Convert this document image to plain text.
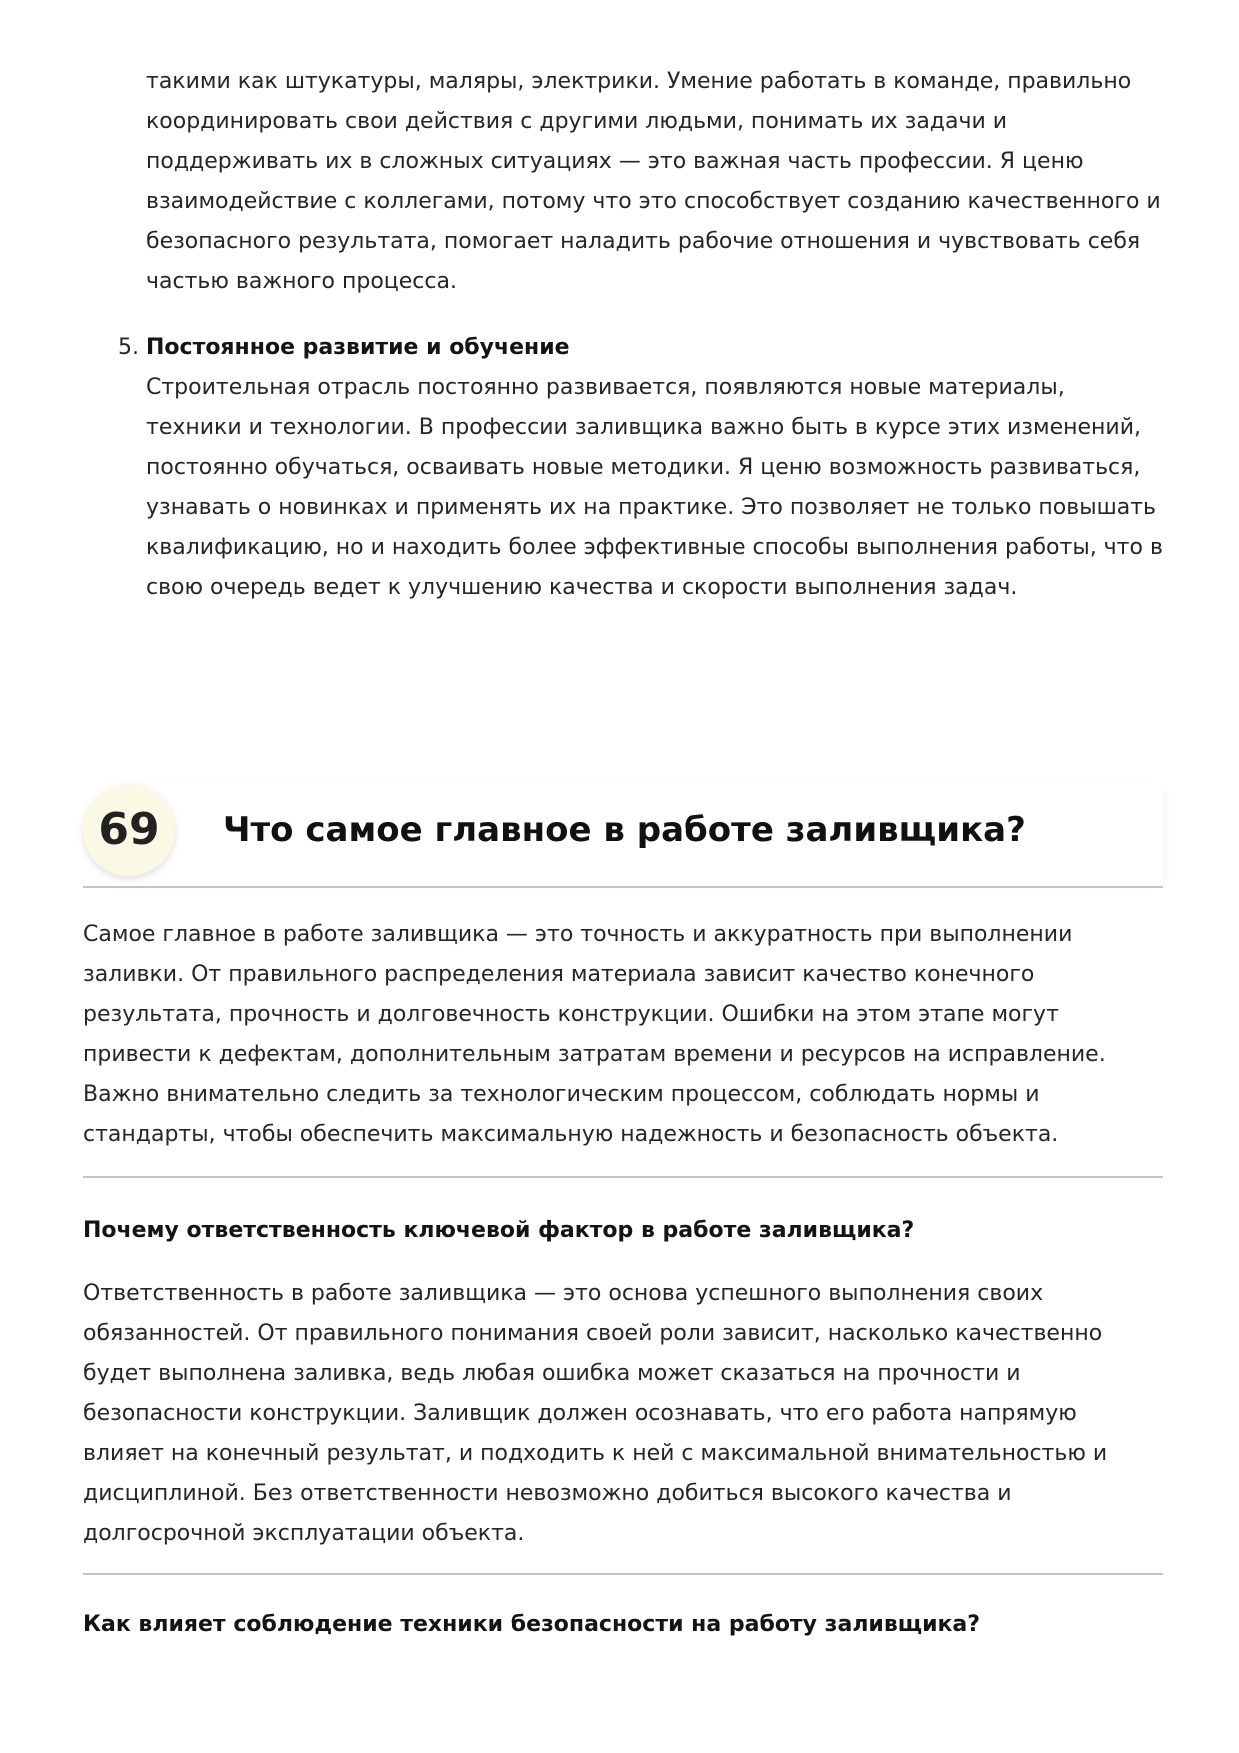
такими как штукатуры, маляры, электрики. Умение работать в команде, правильно координировать свои действия с другими людьми, понимать их задачи и поддерживать их в сложных ситуациях — это важная часть профессии. Я ценю взаимодействие с коллегами, потому что это способствует созданию качественного и безопасного результата, помогает наладить рабочие отношения и чувствовать себя частью важного процесса.

5. Постоянное развитие и обучение

Строительная отрасль постоянно развивается, появляются новые материалы, техники и технологии. В профессии заливщика важно быть в курсе этих изменений, постоянно обучаться, осваивать новые методики. Я ценю возможность развиваться, узнавать о новинках и применять их на практике. Это позволяет не только повышать квалификацию, но и находить более эффективные способы выполнения работы, что в свою очередь ведет к улучшению качества и скорости выполнения задач.

69	Что самое главное в работе заливщика?

Самое главное в работе заливщика — это точность и аккуратность при выполнении заливки. От правильного распределения материала зависит качество конечного результата, прочность и долговечность конструкции. Ошибки на этом этапе могут привести к дефектам, дополнительным затратам времени и ресурсов на исправление. Важно внимательно следить за технологическим процессом, соблюдать нормы и стандарты, чтобы обеспечить максимальную надежность и безопасность объекта.

Почему ответственность ключевой фактор в работе заливщика?

Ответственность в работе заливщика — это основа успешного выполнения своих обязанностей. От правильного понимания своей роли зависит, насколько качественно будет выполнена заливка, ведь любая ошибка может сказаться на прочности и безопасности конструкции. Заливщик должен осознавать, что его работа напрямую влияет на конечный результат, и подходить к ней с максимальной внимательностью и дисциплиной. Без ответственности невозможно добиться высокого качества и долгосрочной эксплуатации объекта.

Как влияет соблюдение техники безопасности на работу заливщика?
